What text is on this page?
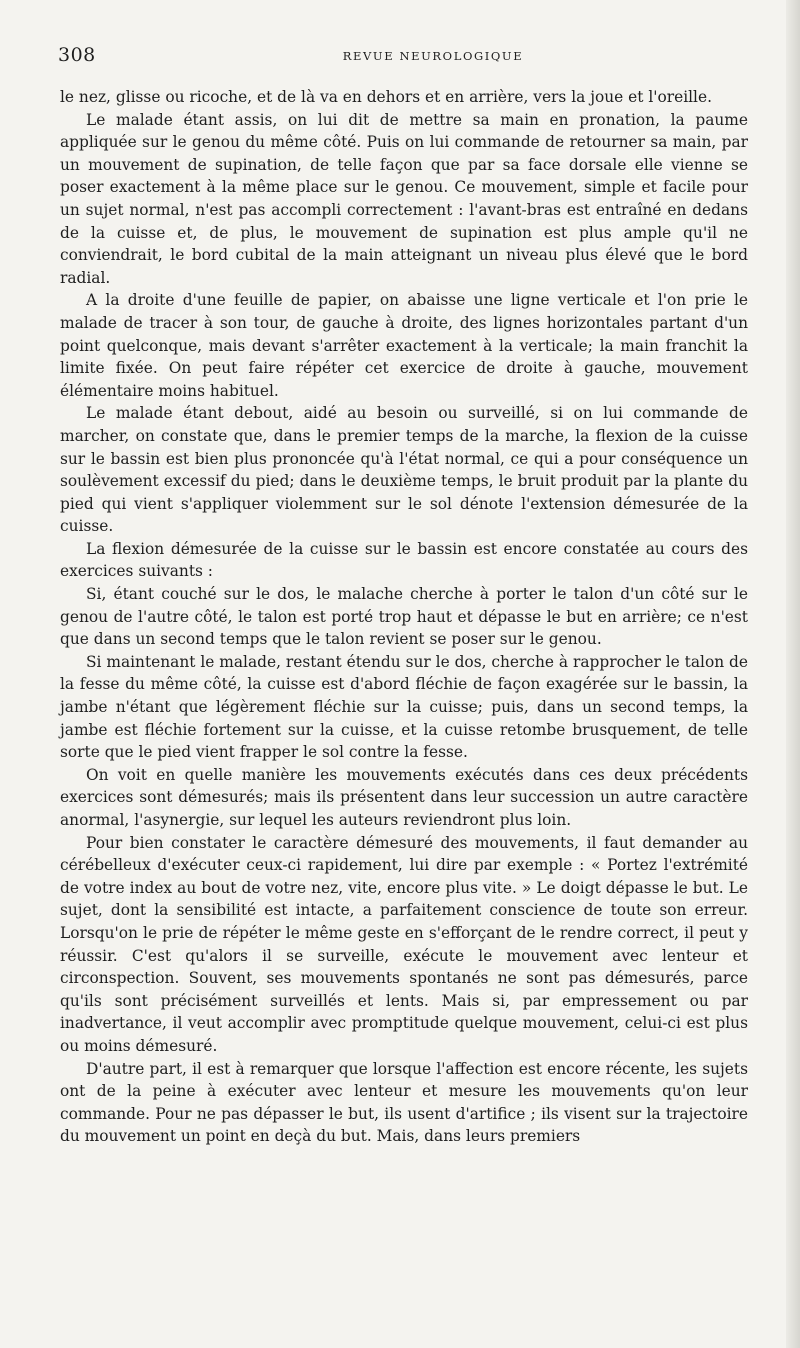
308	REVUE NEUROLOGIQUE

le nez, glisse ou ricoche, et de là va en dehors et en arrière, vers la joue et l'oreille.

Le malade étant assis, on lui dit de mettre sa main en pronation, la paume appliquée sur le genou du même côté. Puis on lui commande de retourner sa main, par un mouvement de supination, de telle façon que par sa face dorsale elle vienne se poser exactement à la même place sur le genou. Ce mouvement, simple et facile pour un sujet normal, n'est pas accompli correctement : l'avant-bras est entraîné en dedans de la cuisse et, de plus, le mouvement de supination est plus ample qu'il ne conviendrait, le bord cubital de la main atteignant un niveau plus élevé que le bord radial.

A la droite d'une feuille de papier, on abaisse une ligne verticale et l'on prie le malade de tracer à son tour, de gauche à droite, des lignes horizontales partant d'un point quelconque, mais devant s'arrêter exactement à la verticale; la main franchit la limite fixée. On peut faire répéter cet exercice de droite à gauche, mouvement élémentaire moins habituel.

Le malade étant debout, aidé au besoin ou surveillé, si on lui commande de marcher, on constate que, dans le premier temps de la marche, la flexion de la cuisse sur le bassin est bien plus prononcée qu'à l'état normal, ce qui a pour conséquence un soulèvement excessif du pied; dans le deuxième temps, le bruit produit par la plante du pied qui vient s'appliquer violemment sur le sol dénote l'extension démesurée de la cuisse.

La flexion démesurée de la cuisse sur le bassin est encore constatée au cours des exercices suivants :

Si, étant couché sur le dos, le malache cherche à porter le talon d'un côté sur le genou de l'autre côté, le talon est porté trop haut et dépasse le but en arrière; ce n'est que dans un second temps que le talon revient se poser sur le genou.

Si maintenant le malade, restant étendu sur le dos, cherche à rapprocher le talon de la fesse du même côté, la cuisse est d'abord fléchie de façon exagérée sur le bassin, la jambe n'étant que légèrement fléchie sur la cuisse; puis, dans un second temps, la jambe est fléchie fortement sur la cuisse, et la cuisse retombe brusquement, de telle sorte que le pied vient frapper le sol contre la fesse.

On voit en quelle manière les mouvements exécutés dans ces deux précédents exercices sont démesurés; mais ils présentent dans leur succession un autre caractère anormal, l'asynergie, sur lequel les auteurs reviendront plus loin.

Pour bien constater le caractère démesuré des mouvements, il faut demander au cérébelleux d'exécuter ceux-ci rapidement, lui dire par exemple : « Portez l'extrémité de votre index au bout de votre nez, vite, encore plus vite. » Le doigt dépasse le but. Le sujet, dont la sensibilité est intacte, a parfaitement conscience de toute son erreur. Lorsqu'on le prie de répéter le même geste en s'efforçant de le rendre correct, il peut y réussir. C'est qu'alors il se surveille, exécute le mouvement avec lenteur et circonspection. Souvent, ses mouvements spontanés ne sont pas démesurés, parce qu'ils sont précisément surveillés et lents. Mais si, par empressement ou par inadvertance, il veut accomplir avec promptitude quelque mouvement, celui-ci est plus ou moins démesuré.

D'autre part, il est à remarquer que lorsque l'affection est encore récente, les sujets ont de la peine à exécuter avec lenteur et mesure les mouvements qu'on leur commande. Pour ne pas dépasser le but, ils usent d'artifice ; ils visent sur la trajectoire du mouvement un point en deçà du but. Mais, dans leurs premiers
